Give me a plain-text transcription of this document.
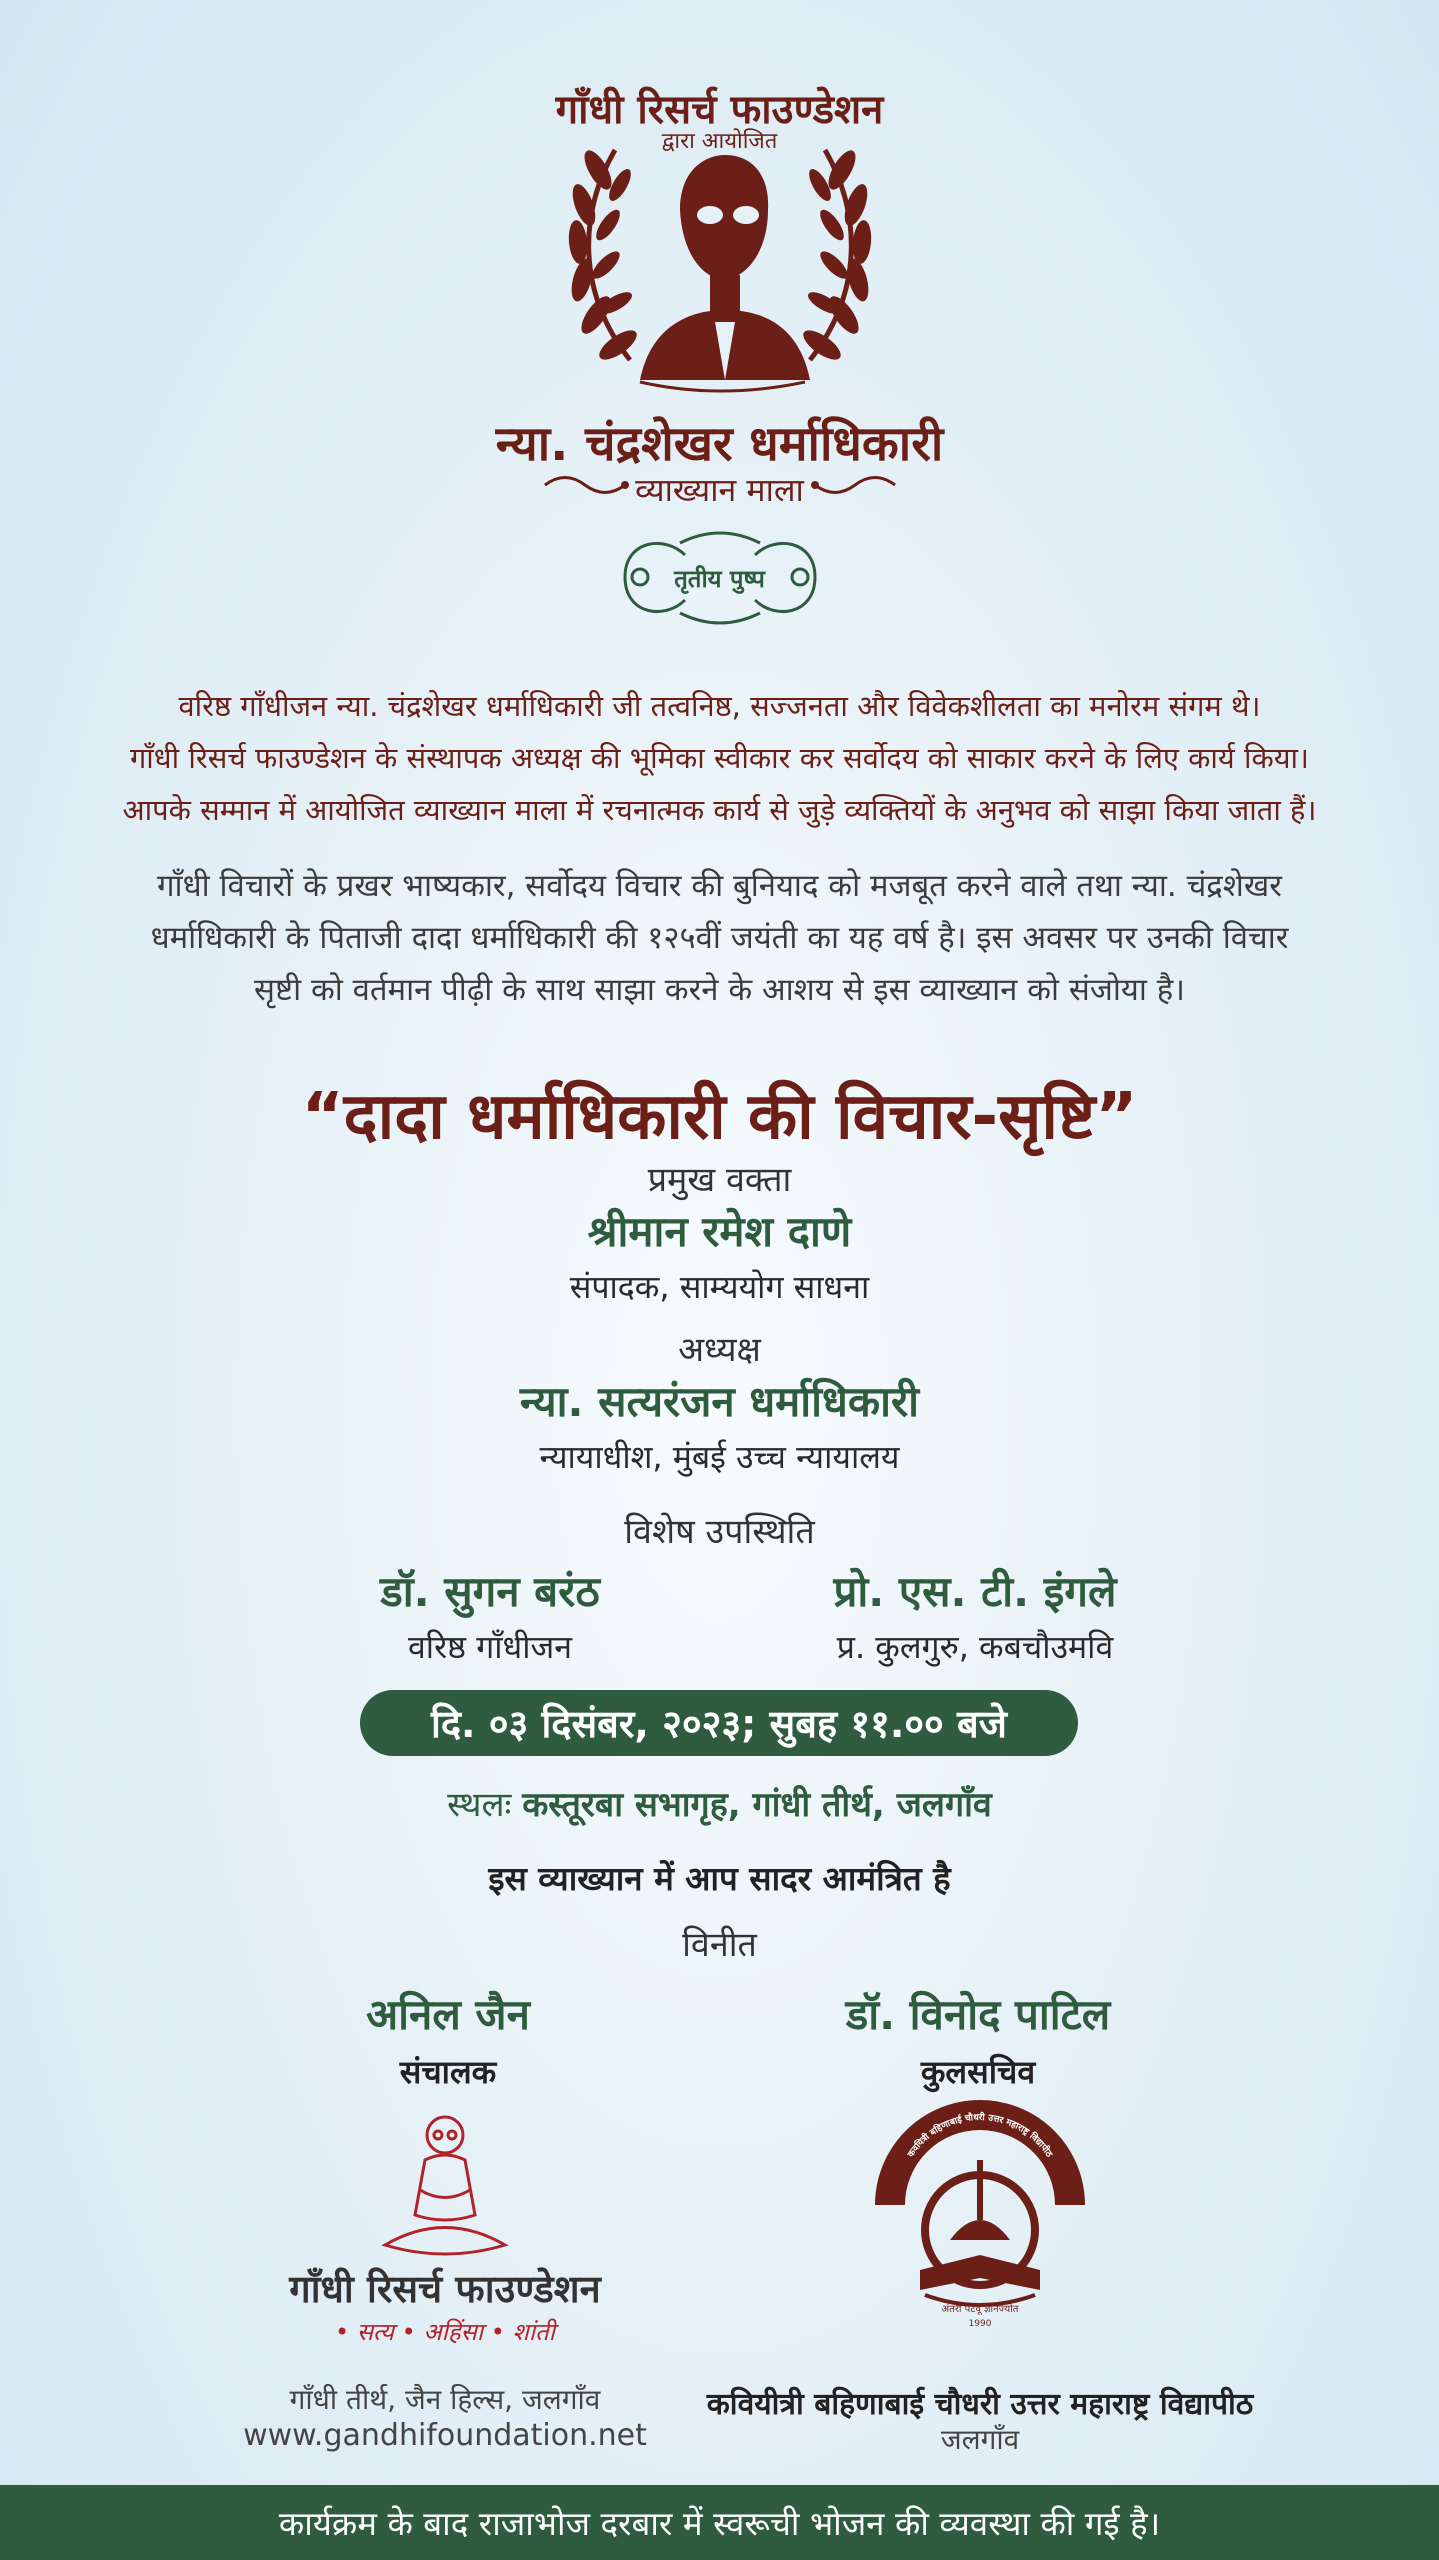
गाँधी रिसर्च फाउण्डेशन
द्वारा आयोजित
न्या. चंद्रशेखर धर्माधिकारी
व्याख्यान माला
तृतीय पुष्प
वरिष्ठ गाँधीजन न्या. चंद्रशेखर धर्माधिकारी जी तत्वनिष्ठ, सज्जनता और विवेकशीलता का मनोरम संगम थे।
गाँधी रिसर्च फाउण्डेशन के संस्थापक अध्यक्ष की भूमिका स्वीकार कर सर्वोदय को साकार करने के लिए कार्य किया।
आपके सम्मान में आयोजित व्याख्यान माला में रचनात्मक कार्य से जुड़े व्यक्तियों के अनुभव को साझा किया जाता हैं।
गाँधी विचारों के प्रखर भाष्यकार, सर्वोदय विचार की बुनियाद को मजबूत करने वाले तथा न्या. चंद्रशेखर
धर्माधिकारी के पिताजी दादा धर्माधिकारी की १२५वीं जयंती का यह वर्ष है। इस अवसर पर उनकी विचार
सृष्टी को वर्तमान पीढ़ी के साथ साझा करने के आशय से इस व्याख्यान को संजोया है।
“दादा धर्माधिकारी की विचार-सृष्टि”
प्रमुख वक्ता
श्रीमान रमेश दाणे
संपादक, साम्ययोग साधना
अध्यक्ष
न्या. सत्यरंजन धर्माधिकारी
न्यायाधीश, मुंबई उच्च न्यायालय
विशेष उपस्थिति
डॉ. सुगन बरंठ
वरिष्ठ गाँधीजन
प्रो. एस. टी. इंगले
प्र. कुलगुरु, कबचौउमवि
दि. ०३ दिसंबर, २०२३; सुबह ११.०० बजे
स्थलः कस्तूरबा सभागृह, गांधी तीर्थ, जलगाँव
इस व्याख्यान में आप सादर आमंत्रित है
विनीत
अनिल जैन
संचालक
डॉ. विनोद पाटिल
कुलसचिव
गाँधी रिसर्च फाउण्डेशन
• सत्य • अहिंसा • शांती
कवयित्री बहिणाबाई चौधरी उत्तर महाराष्ट्र विद्यापीठ
अंतरी पेटवू ज्ञानज्योत
1990
गाँधी तीर्थ, जैन हिल्स, जलगाँव
www.gandhifoundation.net
कवियीत्री बहिणाबाई चौधरी उत्तर महाराष्ट्र विद्यापीठ
जलगाँव
कार्यक्रम के बाद राजाभोज दरबार में स्वरूची भोजन की व्यवस्था की गई है।
